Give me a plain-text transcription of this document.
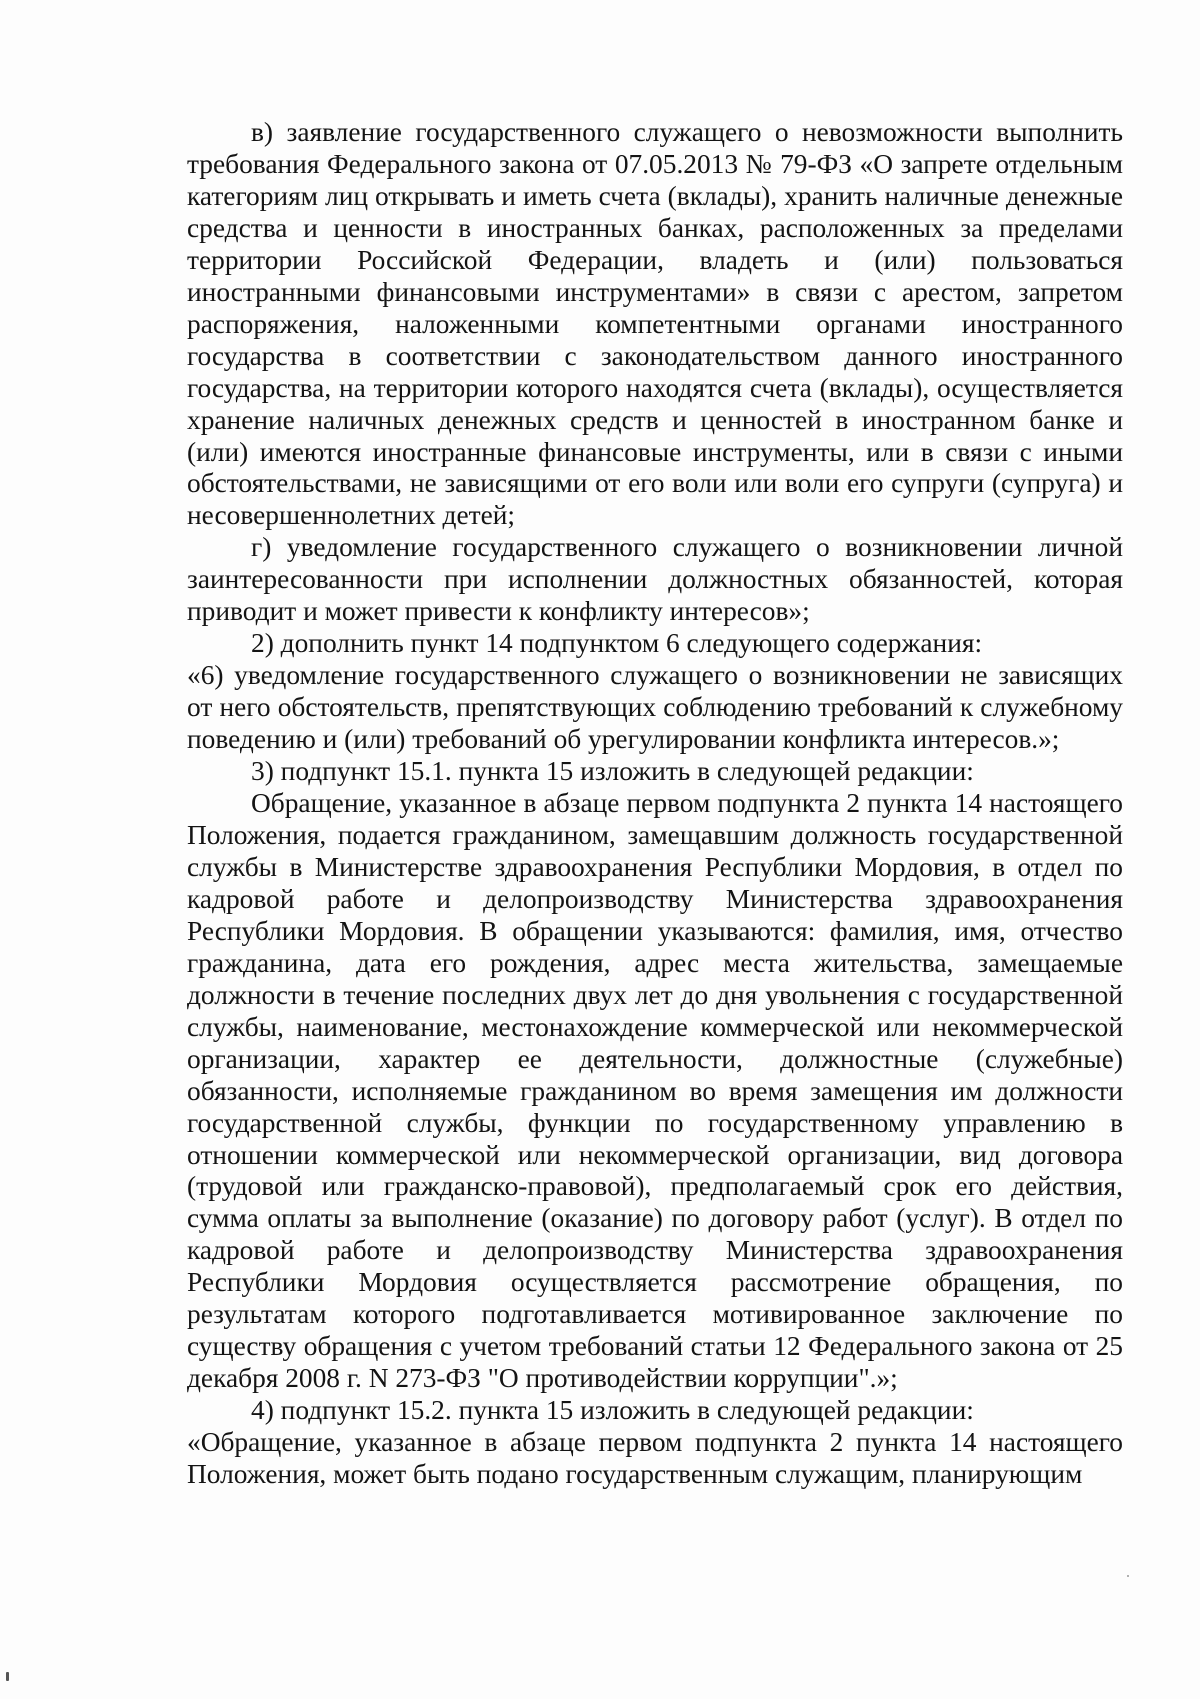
в) заявление государственного служащего о невозможности выполнить требования Федерального закона от 07.05.2013 № 79-ФЗ «О запрете отдельным категориям лиц открывать и иметь счета (вклады), хранить наличные денежные средства и ценности в иностранных банках, расположенных за пределами территории Российской Федерации, владеть и (или) пользоваться иностранными финансовыми инструментами» в связи с арестом, запретом распоряжения, наложенными компетентными органами иностранного государства в соответствии с законодательством данного иностранного государства, на территории которого находятся счета (вклады), осуществляется хранение наличных денежных средств и ценностей в иностранном банке и (или) имеются иностранные финансовые инструменты, или в связи с иными обстоятельствами, не зависящими от его воли или воли его супруги (супруга) и несовершеннолетних детей;

г) уведомление государственного служащего о возникновении личной заинтересованности при исполнении должностных обязанностей, которая приводит и может привести к конфликту интересов»;

2) дополнить пункт 14 подпунктом 6 следующего содержания:

«6) уведомление государственного служащего о возникновении не зависящих от него обстоятельств, препятствующих соблюдению требований к служебному поведению и (или) требований об урегулировании конфликта интересов.»;

3) подпункт 15.1. пункта 15 изложить в следующей редакции:

Обращение, указанное в абзаце первом подпункта 2 пункта 14 настоящего Положения, подается гражданином, замещавшим должность государственной службы в Министерстве здравоохранения Республики Мордовия, в отдел по кадровой работе и делопроизводству Министерства здравоохранения Республики Мордовия. В обращении указываются: фамилия, имя, отчество гражданина, дата его рождения, адрес места жительства, замещаемые должности в течение последних двух лет до дня увольнения с государственной службы, наименование, местонахождение коммерческой или некоммерческой организации, характер ее деятельности, должностные (служебные) обязанности, исполняемые гражданином во время замещения им должности государственной службы, функции по государственному управлению в отношении коммерческой или некоммерческой организации, вид договора (трудовой или гражданско-правовой), предполагаемый срок его действия, сумма оплаты за выполнение (оказание) по договору работ (услуг). В отдел по кадровой работе и делопроизводству Министерства здравоохранения Республики Мордовия осуществляется рассмотрение обращения, по результатам которого подготавливается мотивированное заключение по существу обращения с учетом требований статьи 12 Федерального закона от 25 декабря 2008 г. N 273-ФЗ "О противодействии коррупции".»;

4) подпункт 15.2. пункта 15 изложить в следующей редакции:

«Обращение, указанное в абзаце первом подпункта 2 пункта 14 настоящего Положения, может быть подано государственным служащим, планирующим
